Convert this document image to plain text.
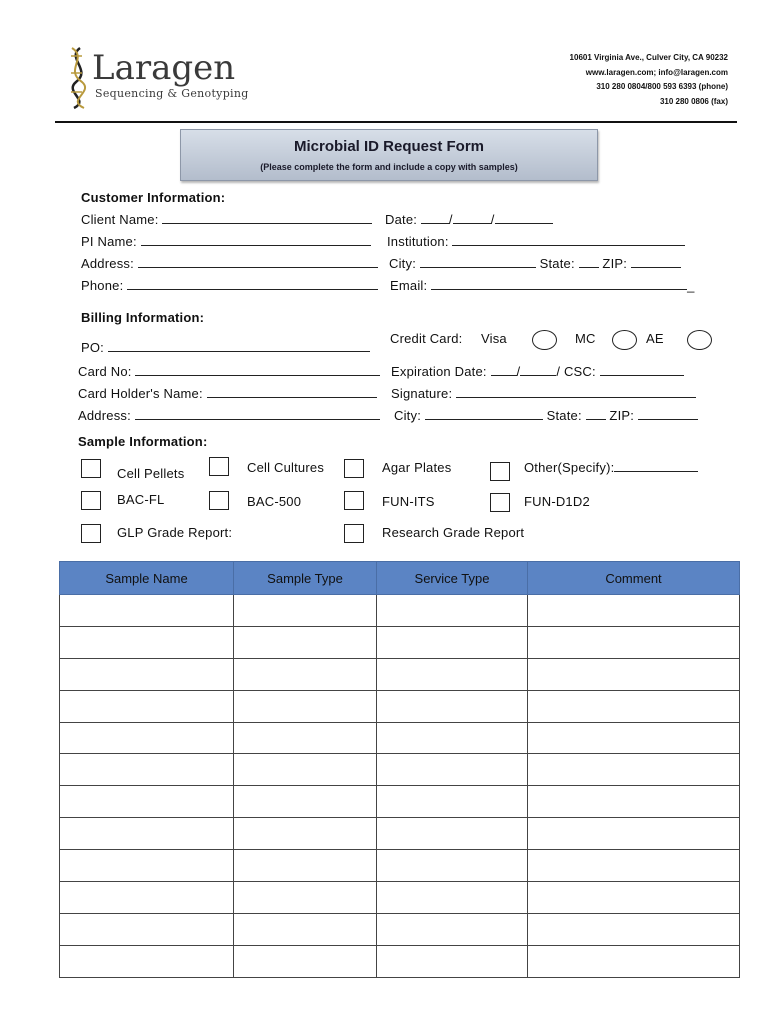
Laragen
Sequencing & Genotyping
10601 Virginia Ave., Culver City, CA 90232
www.laragen.com; info@laragen.com
310 280 0804/800 593 6393 (phone)
310 280 0806 (fax)
Microbial ID Request Form
(Please complete the form and include a copy with samples)
Customer Information:
Client Name:	Date: /	/
PI Name:	Institution:
Address:	City:	State: ZIP:
Phone:	Email:	_
Billing Information:
PO:
Credit Card: Visa	MC	AE
Card No:	Expiration Date: /	/ CSC:
Card Holder's Name:	Signature:
Address:	City:	State: ZIP:
Sample Information:
Cell Pellets	Cell Cultures	Agar Plates	Other(Specify):
BAC-FL	BAC-500	FUN-ITS	FUN-D1D2
GLP Grade Report:	Research Grade Report
Sample Name	Sample Type	Service Type	Comment
